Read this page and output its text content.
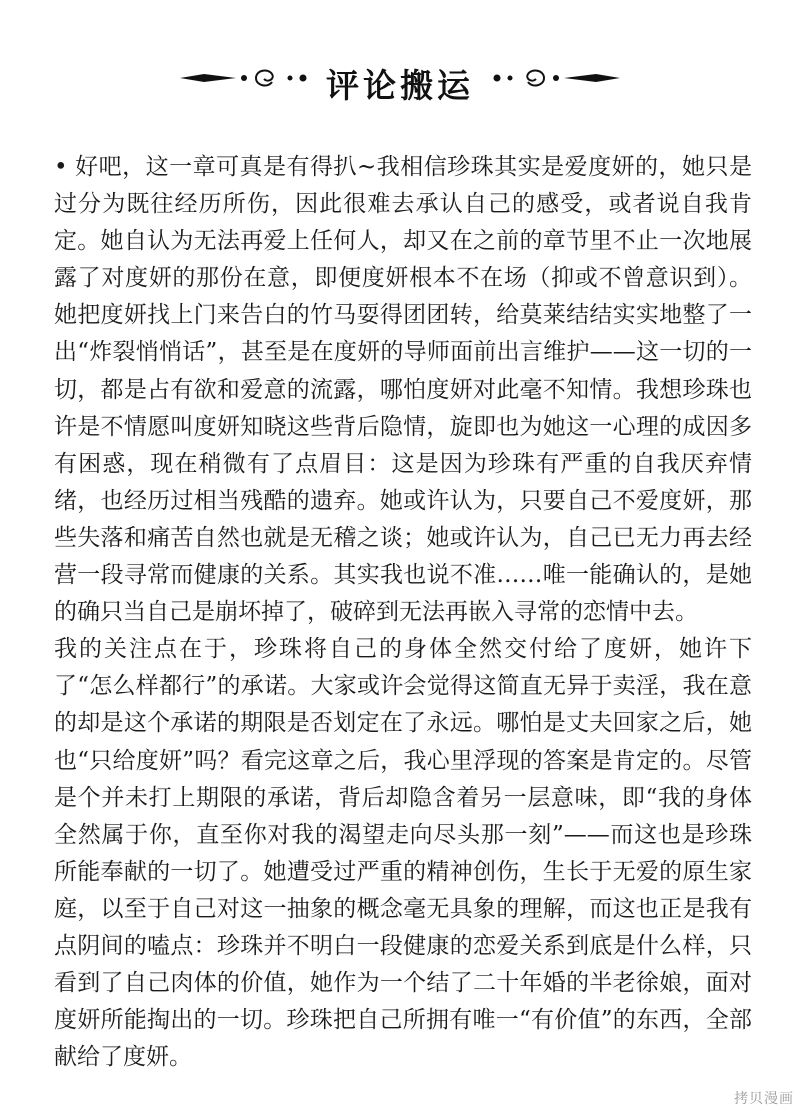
评论搬运

• 好吧，这一章可真是有得扒~我相信珍珠其实是爱度妍的，她只是过分为既往经历所伤，因此很难去承认自己的感受，或者说自我肯定。她自认为无法再爱上任何人，却又在之前的章节里不止一次地展露了对度妍的那份在意，即便度妍根本不在场（抑或不曾意识到）。她把度妍找上门来告白的竹马耍得团团转，给莫莱结结实实地整了一出“炸裂悄悄话”，甚至是在度妍的导师面前出言维护——这一切的一切，都是占有欲和爱意的流露，哪怕度妍对此毫不知情。我想珍珠也许是不情愿叫度妍知晓这些背后隐情，旋即也为她这一心理的成因多有困惑，现在稍微有了点眉目：这是因为珍珠有严重的自我厌弃情绪，也经历过相当残酷的遗弃。她或许认为，只要自己不爱度妍，那些失落和痛苦自然也就是无稽之谈；她或许认为，自己已无力再去经营一段寻常而健康的关系。其实我也说不准……唯一能确认的，是她的确只当自己是崩坏掉了，破碎到无法再嵌入寻常的恋情中去。

我的关注点在于，珍珠将自己的身体全然交付给了度妍，她许下了“怎么样都行”的承诺。大家或许会觉得这简直无异于卖淫，我在意的却是这个承诺的期限是否划定在了永远。哪怕是丈夫回家之后，她也“只给度妍”吗？看完这章之后，我心里浮现的答案是肯定的。尽管是个并未打上期限的承诺，背后却隐含着另一层意味，即“我的身体全然属于你，直至你对我的渴望走向尽头那一刻”——而这也是珍珠所能奉献的一切了。她遭受过严重的精神创伤，生长于无爱的原生家庭，以至于自己对这一抽象的概念毫无具象的理解，而这也正是我有点阴间的嗑点：珍珠并不明白一段健康的恋爱关系到底是什么样，只看到了自己肉体的价值，她作为一个结了二十年婚的半老徐娘，面对度妍所能掏出的一切。珍珠把自己所拥有唯一“有价值”的东西，全部献给了度妍。

拷贝漫画
